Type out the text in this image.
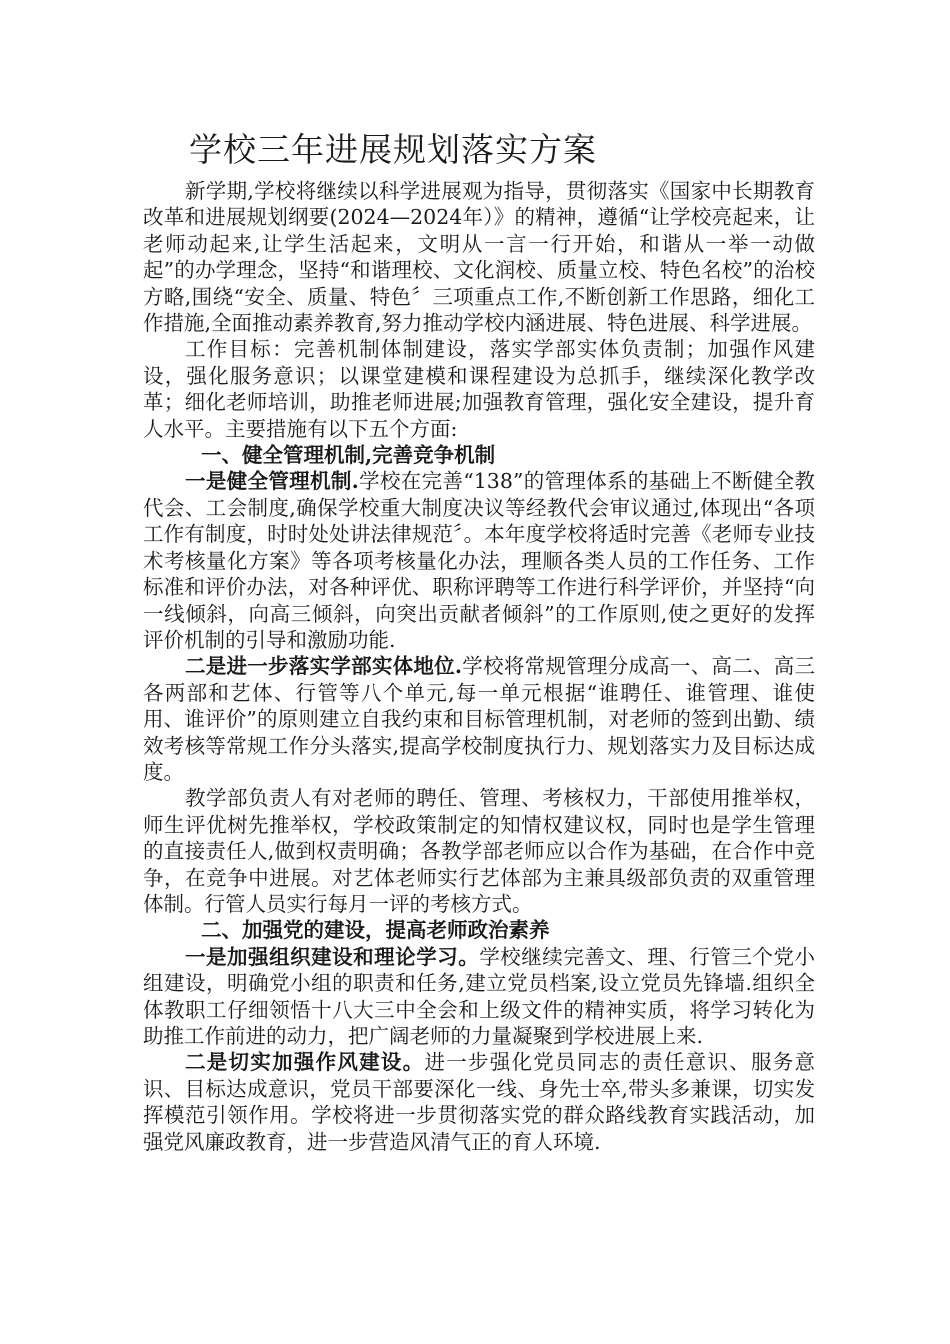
学校三年进展规划落实方案

新学期,学校将继续以科学进展观为指导，贯彻落实《国家中长期教育改革和进展规划纲要(2024—2024年）》的精神，遵循“让学校亮起来，让老师动起来,让学生活起来，文明从一言一行开始，和谐从一举一动做起”的办学理念，坚持“和谐理校、文化润校、质量立校、特色名校”的治校方略,围绕“安全、质量、特色〞三项重点工作,不断创新工作思路，细化工作措施,全面推动素养教育,努力推动学校内涵进展、特色进展、科学进展。

工作目标：完善机制体制建设，落实学部实体负责制；加强作风建设，强化服务意识；以课堂建模和课程建设为总抓手，继续深化教学改革；细化老师培训，助推老师进展;加强教育管理，强化安全建设，提升育人水平。主要措施有以下五个方面:

一、健全管理机制,完善竞争机制

一是健全管理机制.学校在完善“138”的管理体系的基础上不断健全教代会、工会制度,确保学校重大制度决议等经教代会审议通过,体现出“各项工作有制度，时时处处讲法律规范〞。本年度学校将适时完善《老师专业技术考核量化方案》等各项考核量化办法，理顺各类人员的工作任务、工作标准和评价办法，对各种评优、职称评聘等工作进行科学评价，并坚持“向一线倾斜，向高三倾斜，向突出贡献者倾斜”的工作原则,使之更好的发挥评价机制的引导和激励功能.

二是进一步落实学部实体地位.学校将常规管理分成高一、高二、高三各两部和艺体、行管等八个单元,每一单元根据“谁聘任、谁管理、谁使用、谁评价”的原则建立自我约束和目标管理机制，对老师的签到出勤、绩效考核等常规工作分头落实,提高学校制度执行力、规划落实力及目标达成度。

教学部负责人有对老师的聘任、管理、考核权力，干部使用推举权，师生评优树先推举权，学校政策制定的知情权建议权，同时也是学生管理的直接责任人,做到权责明确；各教学部老师应以合作为基础，在合作中竞争，在竞争中进展。对艺体老师实行艺体部为主兼具级部负责的双重管理体制。行管人员实行每月一评的考核方式。

二、加强党的建设，提高老师政治素养

一是加强组织建设和理论学习。学校继续完善文、理、行管三个党小组建设，明确党小组的职责和任务,建立党员档案,设立党员先锋墙.组织全体教职工仔细领悟十八大三中全会和上级文件的精神实质，将学习转化为助推工作前进的动力，把广阔老师的力量凝聚到学校进展上来.

二是切实加强作风建设。进一步强化党员同志的责任意识、服务意识、目标达成意识，党员干部要深化一线、身先士卒,带头多兼课，切实发挥模范引领作用。学校将进一步贯彻落实党的群众路线教育实践活动，加强党风廉政教育，进一步营造风清气正的育人环境.
